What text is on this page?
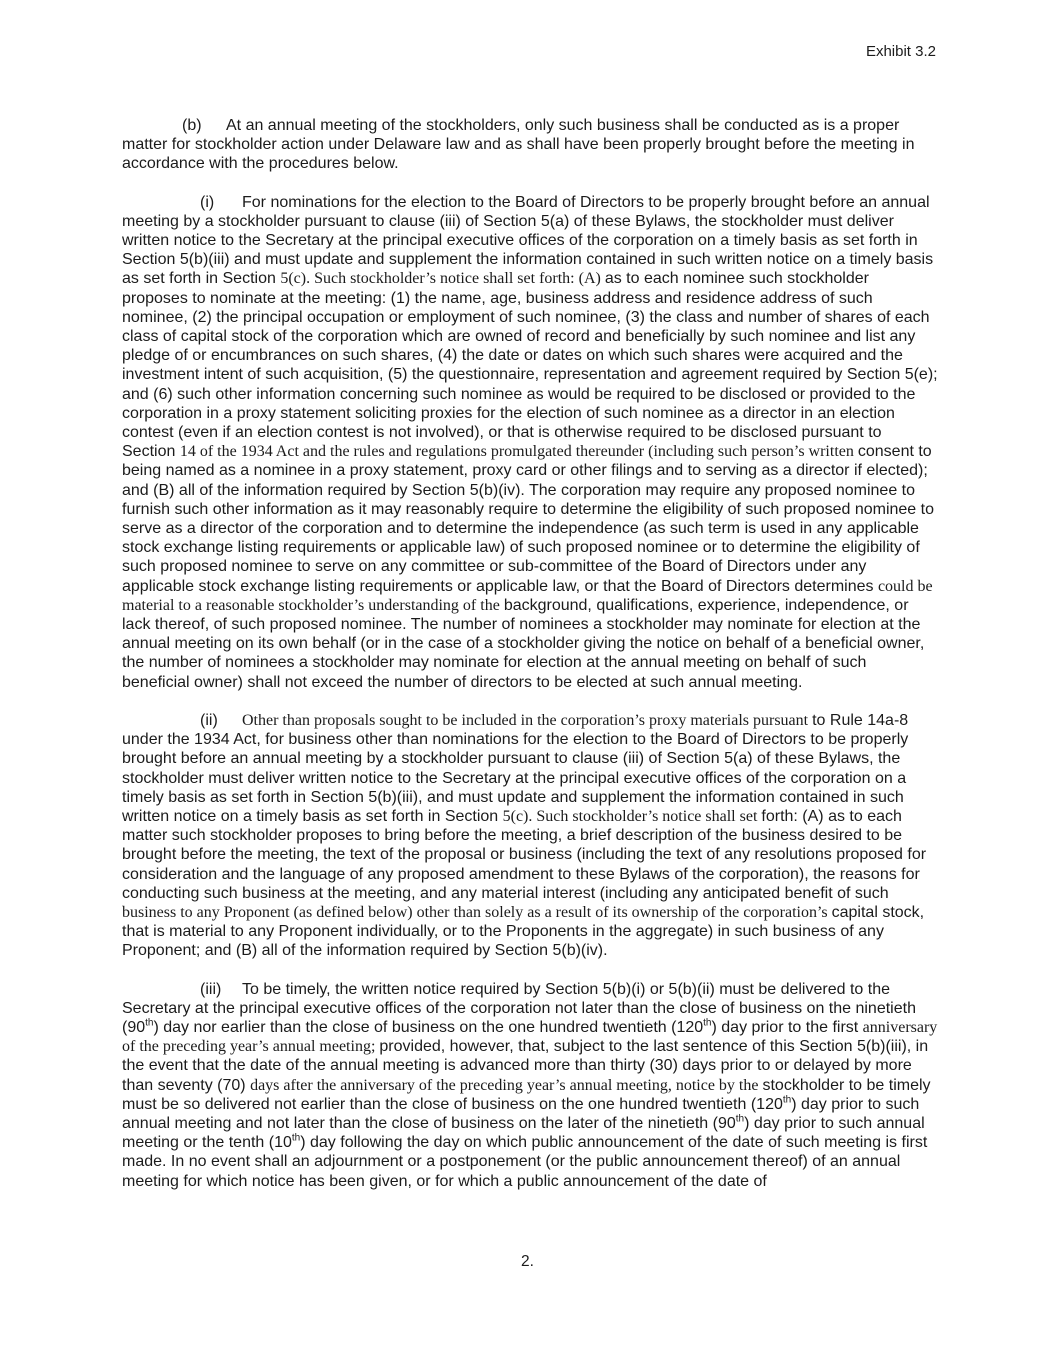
Exhibit 3.2

(b) At an annual meeting of the stockholders, only such business shall be conducted as is a proper matter for stockholder action under Delaware law and as shall have been properly brought before the meeting in accordance with the procedures below.

(i) For nominations for the election to the Board of Directors to be properly brought before an annual meeting by a stockholder pursuant to clause (iii) of Section 5(a) of these Bylaws, the stockholder must deliver written notice to the Secretary at the principal executive offices of the corporation on a timely basis as set forth in Section 5(b)(iii) and must update and supplement the information contained in such written notice on a timely basis as set forth in Section 5(c). Such stockholder’s notice shall set forth: (A) as to each nominee such stockholder proposes to nominate at the meeting: (1) the name, age, business address and residence address of such nominee, (2) the principal occupation or employment of such nominee, (3) the class and number of shares of each class of capital stock of the corporation which are owned of record and beneficially by such nominee and list any pledge of or encumbrances on such shares, (4) the date or dates on which such shares were acquired and the investment intent of such acquisition, (5) the questionnaire, representation and agreement required by Section 5(e); and (6) such other information concerning such nominee as would be required to be disclosed or provided to the corporation in a proxy statement soliciting proxies for the election of such nominee as a director in an election contest (even if an election contest is not involved), or that is otherwise required to be disclosed pursuant to Section 14 of the 1934 Act and the rules and regulations promulgated thereunder (including such person’s written consent to being named as a nominee in a proxy statement, proxy card or other filings and to serving as a director if elected); and (B) all of the information required by Section 5(b)(iv). The corporation may require any proposed nominee to furnish such other information as it may reasonably require to determine the eligibility of such proposed nominee to serve as a director of the corporation and to determine the independence (as such term is used in any applicable stock exchange listing requirements or applicable law) of such proposed nominee or to determine the eligibility of such proposed nominee to serve on any committee or sub-committee of the Board of Directors under any applicable stock exchange listing requirements or applicable law, or that the Board of Directors determines could be material to a reasonable stockholder’s understanding of the background, qualifications, experience, independence, or lack thereof, of such proposed nominee. The number of nominees a stockholder may nominate for election at the annual meeting on its own behalf (or in the case of a stockholder giving the notice on behalf of a beneficial owner, the number of nominees a stockholder may nominate for election at the annual meeting on behalf of such beneficial owner) shall not exceed the number of directors to be elected at such annual meeting.

(ii) Other than proposals sought to be included in the corporation’s proxy materials pursuant to Rule 14a-8 under the 1934 Act, for business other than nominations for the election to the Board of Directors to be properly brought before an annual meeting by a stockholder pursuant to clause (iii) of Section 5(a) of these Bylaws, the stockholder must deliver written notice to the Secretary at the principal executive offices of the corporation on a timely basis as set forth in Section 5(b)(iii), and must update and supplement the information contained in such written notice on a timely basis as set forth in Section 5(c). Such stockholder’s notice shall set forth: (A) as to each matter such stockholder proposes to bring before the meeting, a brief description of the business desired to be brought before the meeting, the text of the proposal or business (including the text of any resolutions proposed for consideration and the language of any proposed amendment to these Bylaws of the corporation), the reasons for conducting such business at the meeting, and any material interest (including any anticipated benefit of such business to any Proponent (as defined below) other than solely as a result of its ownership of the corporation’s capital stock, that is material to any Proponent individually, or to the Proponents in the aggregate) in such business of any Proponent; and (B) all of the information required by Section 5(b)(iv).

(iii) To be timely, the written notice required by Section 5(b)(i) or 5(b)(ii) must be delivered to the Secretary at the principal executive offices of the corporation not later than the close of business on the ninetieth (90th) day nor earlier than the close of business on the one hundred twentieth (120th) day prior to the first anniversary of the preceding year’s annual meeting; provided, however, that, subject to the last sentence of this Section 5(b)(iii), in the event that the date of the annual meeting is advanced more than thirty (30) days prior to or delayed by more than seventy (70) days after the anniversary of the preceding year’s annual meeting, notice by the stockholder to be timely must be so delivered not earlier than the close of business on the one hundred twentieth (120th) day prior to such annual meeting and not later than the close of business on the later of the ninetieth (90th) day prior to such annual meeting or the tenth (10th) day following the day on which public announcement of the date of such meeting is first made. In no event shall an adjournment or a postponement (or the public announcement thereof) of an annual meeting for which notice has been given, or for which a public announcement of the date of

2.
